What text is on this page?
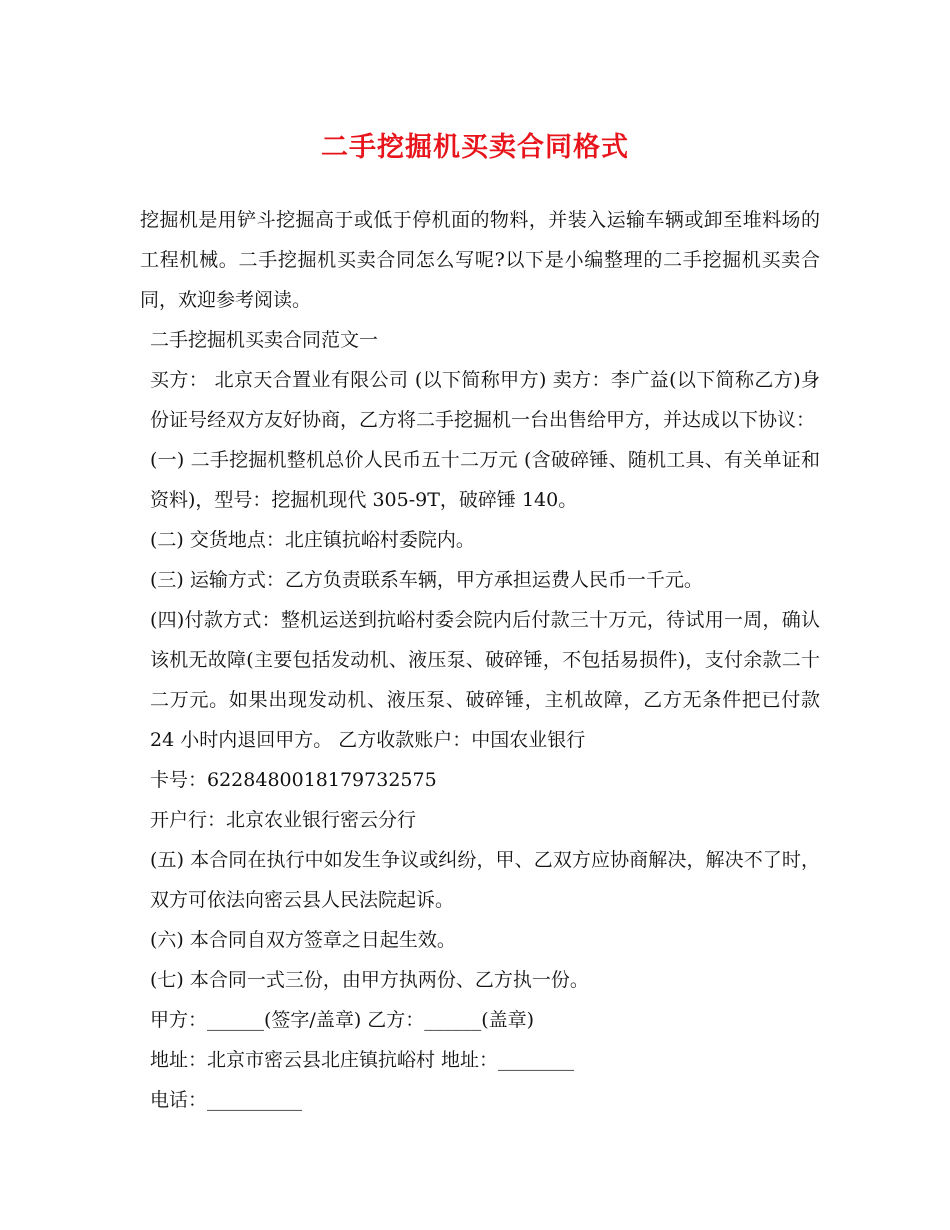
二手挖掘机买卖合同格式

挖掘机是用铲斗挖掘高于或低于停机面的物料，并装入运输车辆或卸至堆料场的工程机械。二手挖掘机买卖合同怎么写呢?以下是小编整理的二手挖掘机买卖合同，欢迎参考阅读。

二手挖掘机买卖合同范文一

买方： 北京天合置业有限公司 (以下简称甲方) 卖方：李广益(以下简称乙方)身份证号经双方友好协商，乙方将二手挖掘机一台出售给甲方，并达成以下协议：

(一) 二手挖掘机整机总价人民币五十二万元 (含破碎锤、随机工具、有关单证和资料)，型号：挖掘机现代 305-9T，破碎锤 140。

(二) 交货地点：北庄镇抗峪村委院内。

(三) 运输方式：乙方负责联系车辆，甲方承担运费人民币一千元。

(四)付款方式：整机运送到抗峪村委会院内后付款三十万元，待试用一周，确认该机无故障(主要包括发动机、液压泵、破碎锤，不包括易损件)，支付余款二十二万元。如果出现发动机、液压泵、破碎锤，主机故障，乙方无条件把已付款 24 小时内退回甲方。 乙方收款账户：中国农业银行

卡号：6228480018179732575

开户行：北京农业银行密云分行

(五) 本合同在执行中如发生争议或纠纷，甲、乙双方应协商解决，解决不了时，双方可依法向密云县人民法院起诉。

(六) 本合同自双方签章之日起生效。

(七) 本合同一式三份，由甲方执两份、乙方执一份。

甲方：______(签字/盖章) 乙方：______(盖章)

地址：北京市密云县北庄镇抗峪村 地址：________

电话：__________
